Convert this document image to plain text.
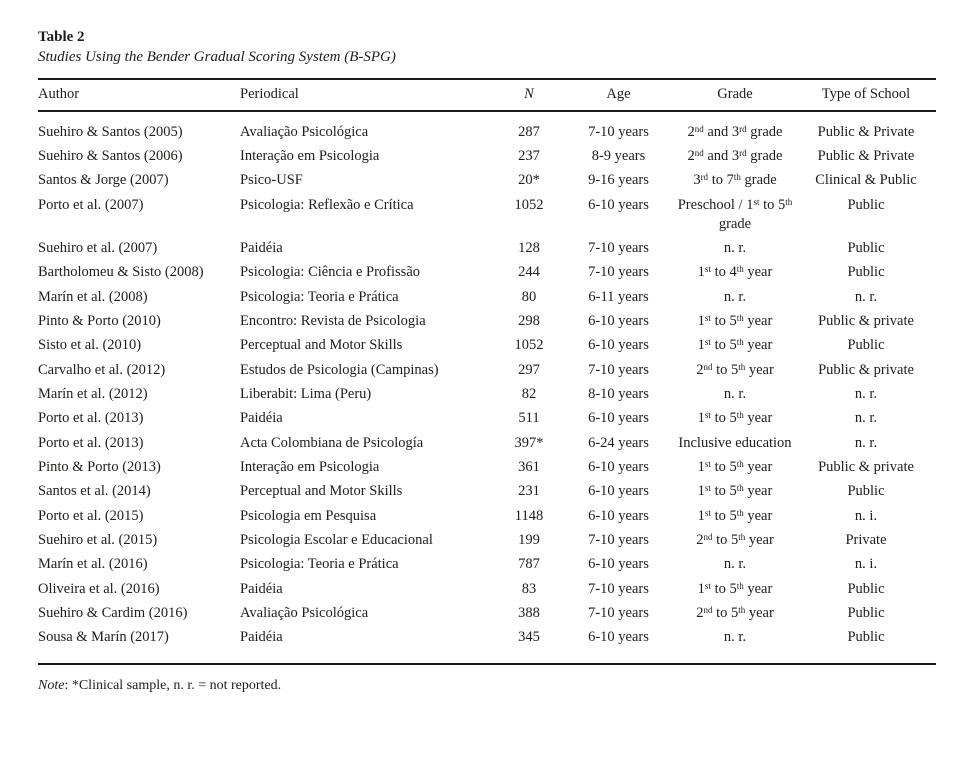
Table 2
Studies Using the Bender Gradual Scoring System (B-SPG)
Author	Periodical	N	Age	Grade	Type of School
Suehiro & Santos (2005)	Avaliação Psicológica	287	7-10 years	2nd and 3rd grade	Public & Private
Suehiro & Santos (2006)	Interação em Psicologia	237	8-9 years	2nd and 3rd grade	Public & Private
Santos & Jorge (2007)	Psico-USF	20*	9-16 years	3rd to 7th grade	Clinical & Public
Porto et al. (2007)	Psicologia: Reflexão e Crítica	1052	6-10 years	Preschool / 1st to 5th grade	Public
Suehiro et al. (2007)	Paidéia	128	7-10 years	n. r.	Public
Bartholomeu & Sisto (2008)	Psicologia: Ciência e Profissão	244	7-10 years	1st to 4th year	Public
Marín et al. (2008)	Psicologia: Teoria e Prática	80	6-11 years	n. r.	n. r.
Pinto & Porto (2010)	Encontro: Revista de Psicologia	298	6-10 years	1st to 5th year	Public & private
Sisto et al. (2010)	Perceptual and Motor Skills	1052	6-10 years	1st to 5th year	Public
Carvalho et al. (2012)	Estudos de Psicologia (Campinas)	297	7-10 years	2nd to 5th year	Public & private
Marín et al. (2012)	Liberabit: Lima (Peru)	82	8-10 years	n. r.	n. r.
Porto et al. (2013)	Paidéia	511	6-10 years	1st to 5th year	n. r.
Porto et al. (2013)	Acta Colombiana de Psicología	397*	6-24 years	Inclusive education	n. r.
Pinto & Porto (2013)	Interação em Psicologia	361	6-10 years	1st to 5th year	Public & private
Santos et al. (2014)	Perceptual and Motor Skills	231	6-10 years	1st to 5th year	Public
Porto et al. (2015)	Psicologia em Pesquisa	1148	6-10 years	1st to 5th year	n. i.
Suehiro et al. (2015)	Psicologia Escolar e Educacional	199	7-10 years	2nd to 5th year	Private
Marín et al. (2016)	Psicologia: Teoria e Prática	787	6-10 years	n. r.	n. i.
Oliveira et al. (2016)	Paidéia	83	7-10 years	1st to 5th year	Public
Suehiro & Cardim (2016)	Avaliação Psicológica	388	7-10 years	2nd to 5th year	Public
Sousa & Marín (2017)	Paidéia	345	6-10 years	n. r.	Public
Note: *Clinical sample, n. r. = not reported.
